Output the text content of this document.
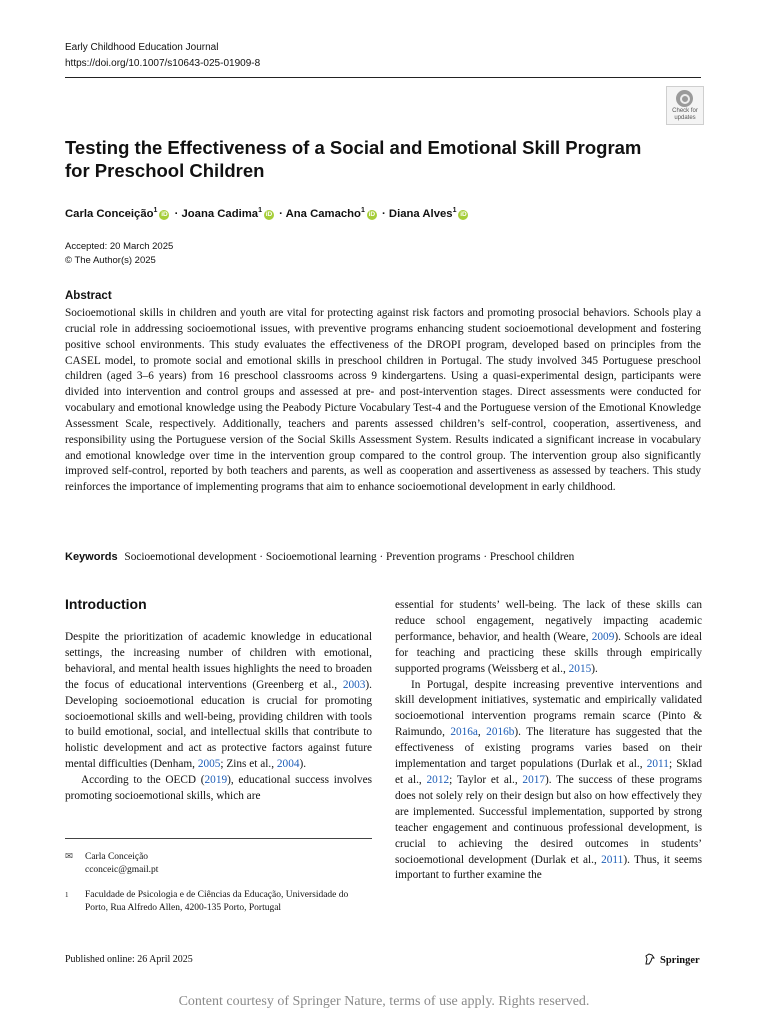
Early Childhood Education Journal
https://doi.org/10.1007/s10643-025-01909-8
Check for
updates
Testing the Effectiveness of a Social and Emotional Skill Program
for Preschool Children
Carla Conceição$^1$iD · Joana Cadima$^1$iD · Ana Camacho$^1$iD · Diana Alves$^1$iD
Accepted: 20 March 2025
© The Author(s) 2025
Abstract
Socioemotional skills in children and youth are vital for protecting against risk factors and promoting prosocial behaviors. Schools play a crucial role in addressing socioemotional issues, with preventive programs enhancing student socioemotional development and fostering positive school environments. This study evaluates the effectiveness of the DROPI program, developed based on principles from the CASEL model, to promote social and emotional skills in preschool children in Portugal. The study involved 345 Portuguese preschool children (aged 3–6 years) from 16 preschool classrooms across 9 kindergartens. Using a quasi-experimental design, participants were divided into intervention and control groups and assessed at pre- and post-intervention stages. Direct assessments were conducted for vocabulary and emotional knowledge using the Peabody Picture Vocabulary Test-4 and the Portuguese version of the Emotional Knowledge Assessment Scale, respectively. Additionally, teachers and parents assessed children’s self-control, cooperation, assertiveness, and responsibility using the Portuguese version of the Social Skills Assessment System. Results indicated a significant increase in vocabulary and emotional knowledge over time in the intervention group compared to the control group. The intervention group also significantly improved self-control, reported by both teachers and parents, as well as cooperation and assertiveness as assessed by teachers. This study reinforces the importance of implementing programs that aim to enhance socioemotional development in early childhood.
Keywords Socioemotional development · Socioemotional learning · Prevention programs · Preschool children
Introduction

Despite the prioritization of academic knowledge in educational settings, the increasing number of children with emotional, behavioral, and mental health issues highlights the need to broaden the focus of educational interventions (Greenberg et al., 2003). Developing socioemotional education is crucial for promoting socioemotional skills and well-being, providing children with tools to build emotional, social, and intellectual skills that contribute to holistic development and act as protective factors against future mental difficulties (Denham, 2005; Zins et al., 2004).

According to the OECD (2019), educational success involves promoting socioemotional skills, which are

essential for students’ well-being. The lack of these skills can reduce school engagement, negatively impacting academic performance, behavior, and health (Weare, 2009). Schools are ideal for teaching and practicing these skills through empirically supported programs (Weissberg et al., 2015).

In Portugal, despite increasing preventive interventions and skill development initiatives, systematic and empirically validated socioemotional intervention programs remain scarce (Pinto & Raimundo, 2016a, 2016b). The literature has suggested that the effectiveness of existing programs varies based on their implementation and target populations (Durlak et al., 2011; Sklad et al., 2012; Taylor et al., 2017). The success of these programs does not solely rely on their design but also on how effectively they are implemented. Successful implementation, supported by strong teacher engagement and continuous professional development, is crucial to achieving the desired outcomes in students’ socioemotional development (Durlak et al., 2011). Thus, it seems important to further examine the

✉ Carla Conceição
cconceic@gmail.pt
1 Faculdade de Psicologia e de Ciências da Educação, Universidade do Porto, Rua Alfredo Allen, 4200-135 Porto, Portugal
Published online: 26 April 2025	Springer
Content courtesy of Springer Nature, terms of use apply. Rights reserved.
